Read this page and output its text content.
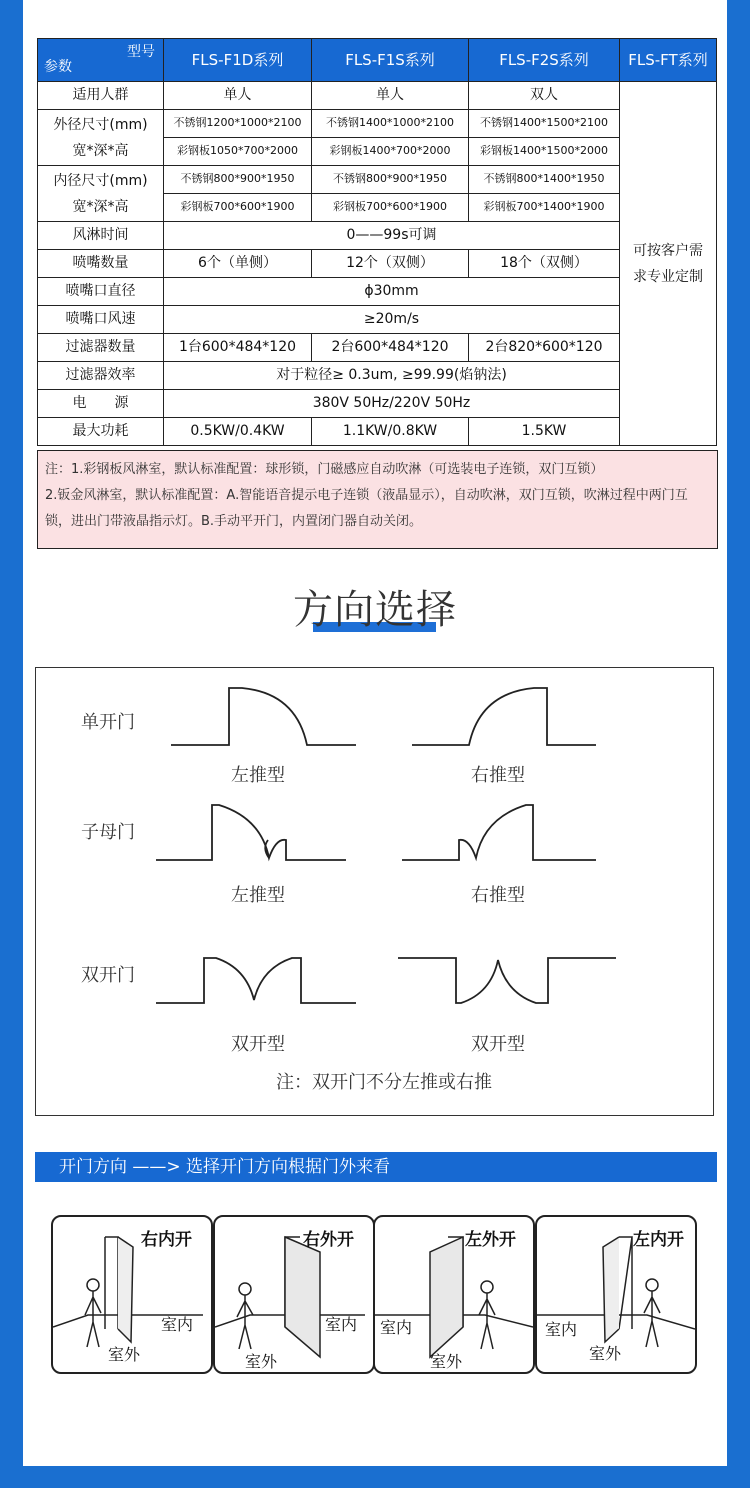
型号
参数	FLS-F1D系列	FLS-F1S系列	FLS-F2S系列	FLS-FT系列
适用人群	单人	单人	双人	可按客户需求专业定制
外径尺寸(mm)
宽*深*高	不锈钢1200*1000*2100	不锈钢1400*1000*2100	不锈钢1400*1500*2100	
	彩钢板1050*700*2000	彩钢板1400*700*2000	彩钢板1400*1500*2000	
内径尺寸(mm)
宽*深*高	不锈钢800*900*1950	不锈钢800*900*1950	不锈钢800*1400*1950	
	彩钢板700*600*1900	彩钢板700*600*1900	彩钢板700*1400*1900	
风淋时间	0——99s可调			
喷嘴数量	6个（单侧）	12个（双侧）	18个（双侧）	
喷嘴口直径	ϕ30mm			
喷嘴口风速	≥20m/s			
过滤器数量	1台600*484*120	2台600*484*120	2台820*600*120	
过滤器效率	对于粒径≥ 0.3um, ≥99.99(焰钠法)			
电　　源	380V 50Hz/220V 50Hz			
最大功耗	0.5KW/0.4KW	1.1KW/0.8KW	1.5KW	

注：1.彩钢板风淋室，默认标准配置：球形锁，门磁感应自动吹淋（可选装电子连锁，双门互锁）

2.钣金风淋室，默认标准配置：A.智能语音提示电子连锁（液晶显示），自动吹淋，双门互锁，吹淋过程中两门互锁，进出门带液晶指示灯。B.手动平开门，内置闭门器自动关闭。

方向选择
单开门
左推型	右推型
子母门
左推型	右推型
双开门
双开型	双开型
注：双开门不分左推或右推
开门方向 ——> 选择开门方向根据门外来看
右内开
室内
室外
右外开
室内
室外
左外开
室内
室外
左内开
室内
室外
